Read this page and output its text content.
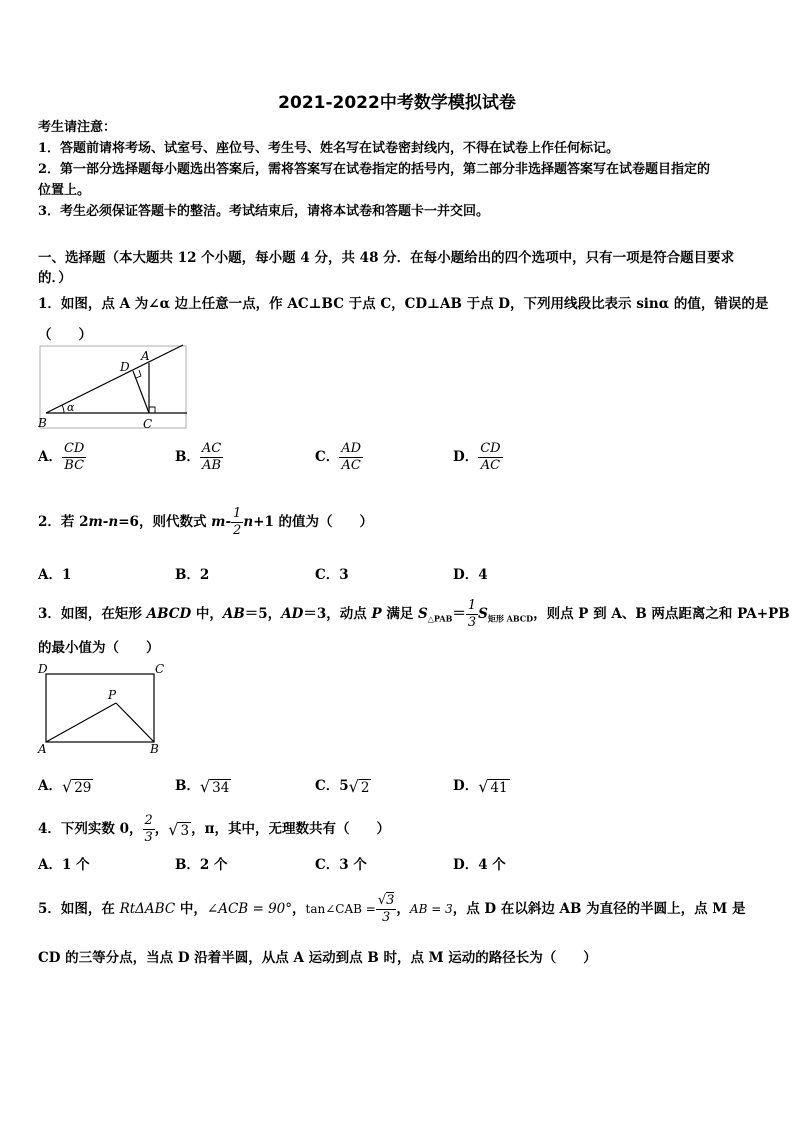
2021-2022中考数学模拟试卷
考生请注意：
1．答题前请将考场、试室号、座位号、考生号、姓名写在试卷密封线内，不得在试卷上作任何标记。
2．第一部分选择题每小题选出答案后，需将答案写在试卷指定的括号内，第二部分非选择题答案写在试卷题目指定的
位置上。
3．考生必须保证答题卡的整洁。考试结束后，请将本试卷和答题卡一并交回。
一、选择题（本大题共 12 个小题，每小题 4 分，共 48 分．在每小题给出的四个选项中，只有一项是符合题目要求
的．）
1．如图，点 A 为∠α 边上任意一点，作 AC⊥BC 于点 C，CD⊥AB 于点 D，下列用线段比表示 sinα 的值，错误的是
（　　）
α
B	C
A
D
A． $\frac{CD}{BC}$	B． $\frac{AC}{AB}$	C． $\frac{AD}{AC}$	D． $\frac{CD}{AC}$
2．若 2m-n=6，则代数式 $m- \frac{1}{2} n+1$ 的值为（　　）
A．1	B．2	C．3	D．4
3．如图，在矩形 ABCD 中，AB＝5，AD＝3，动点 P 满足 $S_{\triangle PAB}= \frac{1}{3} S_{矩形 ABCD}$，则点 P 到 A、B 两点距离之和 PA+PB
的最小值为（　　）
D	C
A	B
P
A．√ 29	B．√ 34	C．5√ 2	D．√ 41
4．下列实数 0， $\frac{2}{3}$ ，√ 3 ，π，其中，无理数共有（　　）
A．1 个	B．2 个	C．3 个	D．4 个
5．如图，在 RtΔABC 中，∠ACB = 90°，tan∠CAB = $\frac{√3}{3}$ ，AB = 3，点 D 在以斜边 AB 为直径的半圆上，点 M 是
CD 的三等分点，当点 D 沿着半圆，从点 A 运动到点 B 时，点 M 运动的路径长为（　　）
